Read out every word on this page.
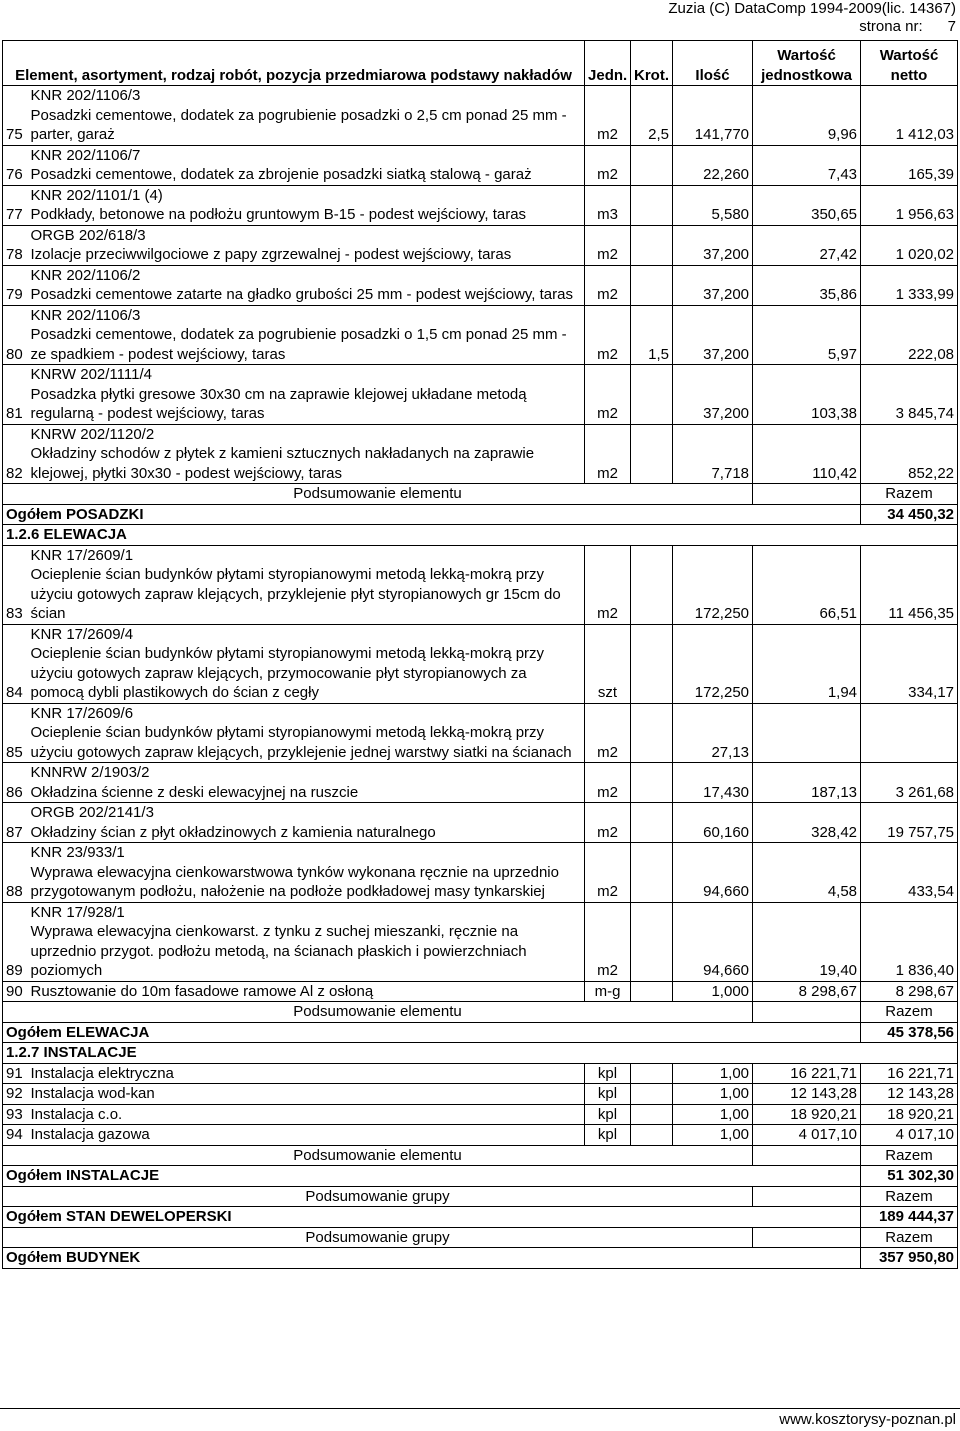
Zuzia (C) DataComp 1994-2009(lic. 14367)
strona nr: 7
Element, asortyment, rodzaj robót, pozycja przedmiarowa podstawy nakładów		Jedn.	Krot.	Ilość	Wartość jednostkowa	Wartość netto
75	KNR 202/1106/3
Posadzki cementowe, dodatek za pogrubienie posadzki o 2,5 cm ponad 25 mm - parter, garaż	m2	2,5	141,770	9,96	1 412,03
76	KNR 202/1106/7
Posadzki cementowe, dodatek za zbrojenie posadzki siatką stalową - garaż	m2		22,260	7,43	165,39
77	KNR 202/1101/1 (4)
Podkłady, betonowe na podłożu gruntowym B-15 - podest wejściowy, taras	m3		5,580	350,65	1 956,63
78	ORGB 202/618/3
Izolacje przeciwwilgociowe z papy zgrzewalnej - podest wejściowy, taras	m2		37,200	27,42	1 020,02
79	KNR 202/1106/2
Posadzki cementowe zatarte na gładko grubości 25 mm - podest wejściowy, taras	m2		37,200	35,86	1 333,99
80	KNR 202/1106/3
Posadzki cementowe, dodatek za pogrubienie posadzki o 1,5 cm ponad 25 mm - ze spadkiem - podest wejściowy, taras	m2	1,5	37,200	5,97	222,08
81	KNRW 202/1111/4
Posadzka płytki gresowe 30x30 cm na zaprawie klejowej układane metodą regularną - podest wejściowy, taras	m2		37,200	103,38	3 845,74
82	KNRW 202/1120/2
Okładziny schodów z płytek z kamieni sztucznych nakładanych na zaprawie klejowej, płytki 30x30 - podest wejściowy, taras	m2		7,718	110,42	852,22
Podsumowanie elementu						Razem
Ogółem POSADZKI						34 450,32
1.2.6 ELEWACJA						
83	KNR 17/2609/1
Ocieplenie ścian budynków płytami styropianowymi metodą lekką-mokrą przy użyciu gotowych zapraw klejących, przyklejenie płyt styropianowych gr 15cm do ścian	m2		172,250	66,51	11 456,35
84	KNR 17/2609/4
Ocieplenie ścian budynków płytami styropianowymi metodą lekką-mokrą przy użyciu gotowych zapraw klejących, przymocowanie płyt styropianowych za pomocą dybli plastikowych do ścian z cegły	szt		172,250	1,94	334,17
85	KNR 17/2609/6
Ocieplenie ścian budynków płytami styropianowymi metodą lekką-mokrą przy użyciu gotowych zapraw klejących, przyklejenie jednej warstwy siatki na ścianach	m2		27,13		
86	KNNRW 2/1903/2
Okładzina ścienne z deski elewacyjnej na ruszcie	m2		17,430	187,13	3 261,68
87	ORGB 202/2141/3
Okładziny ścian z płyt okładzinowych z kamienia naturalnego	m2		60,160	328,42	19 757,75
88	KNR 23/933/1
Wyprawa elewacyjna cienkowarstwowa tynków wykonana ręcznie na uprzednio przygotowanym podłożu, nałożenie na podłoże podkładowej masy tynkarskiej	m2		94,660	4,58	433,54
89	KNR 17/928/1
Wyprawa elewacyjna cienkowarst. z tynku z suchej mieszanki, ręcznie na uprzednio przygot. podłożu metodą, na ścianach płaskich i powierzchniach poziomych	m2		94,660	19,40	1 836,40
90	Rusztowanie do 10m fasadowe ramowe Al z osłoną	m-g		1,000	8 298,67	8 298,67
Podsumowanie elementu						Razem
Ogółem ELEWACJA						45 378,56
1.2.7 INSTALACJE						
91	Instalacja elektryczna	kpl		1,00	16 221,71	16 221,71
92	Instalacja wod-kan	kpl		1,00	12 143,28	12 143,28
93	Instalacja c.o.	kpl		1,00	18 920,21	18 920,21
94	Instalacja gazowa	kpl		1,00	4 017,10	4 017,10
Podsumowanie elementu						Razem
Ogółem INSTALACJE						51 302,30
Podsumowanie grupy						Razem
Ogółem STAN DEWELOPERSKI						189 444,37
Podsumowanie grupy						Razem
Ogółem BUDYNEK						357 950,80
www.kosztorysy-poznan.pl
